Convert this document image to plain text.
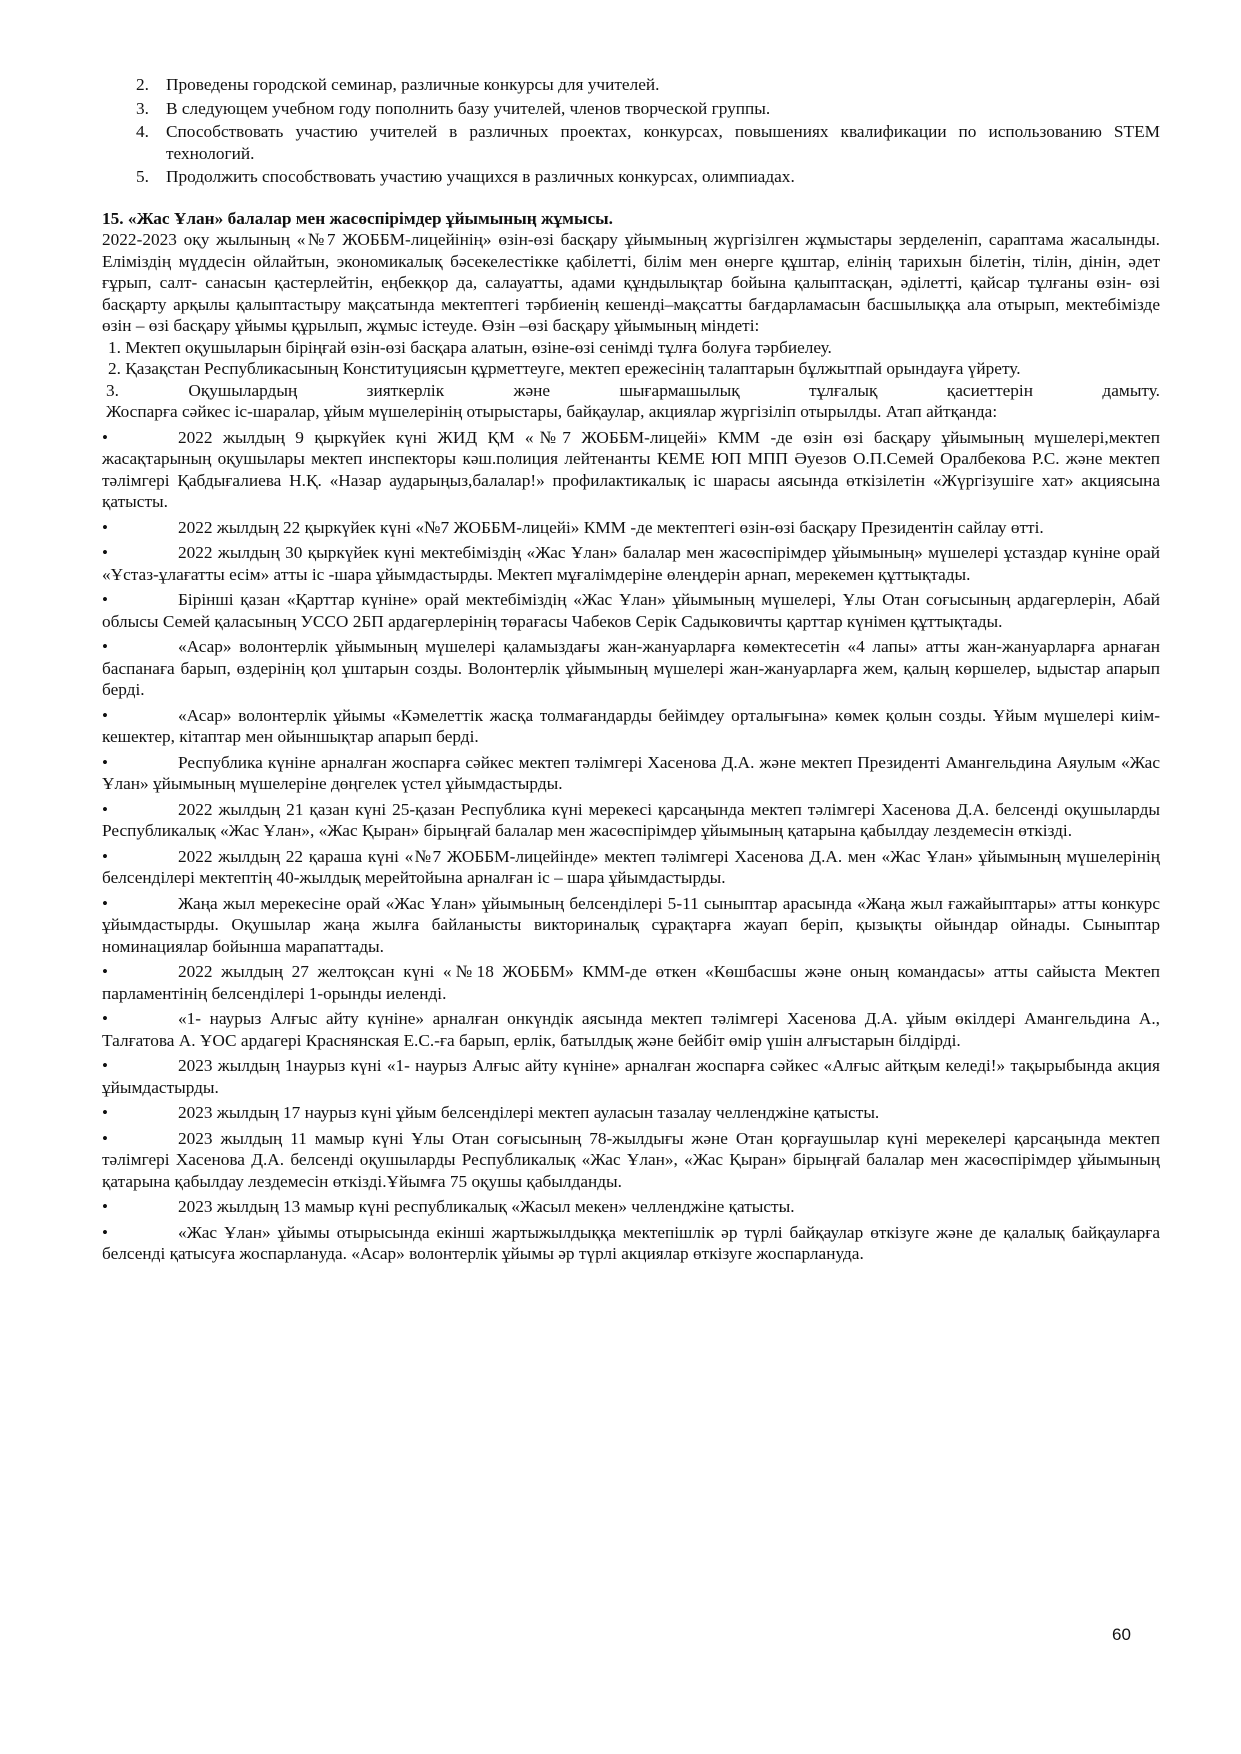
2. Проведены городской семинар, различные конкурсы для учителей.
3. В следующем учебном году пополнить базу учителей, членов творческой группы.
4. Способствовать участию учителей в различных проектах, конкурсах, повышениях квалификации по использованию STEM технологий.
5. Продолжить способствовать участию учащихся в различных конкурсах, олимпиадах.
15. «Жас Ұлан» балалар мен жасөспірімдер ұйымының жұмысы.

2022-2023 оқу жылының «№7 ЖОББМ-лицейінің» өзін-өзі басқару ұйымының жүргізілген жұмыстары зерделеніп, сараптама жасалынды. Еліміздің мүддесін ойлайтын, экономикалық бәсекелестікке қабілетті, білім мен өнерге құштар, елінің тарихын білетін, тілін, дінін, әдет ғұрып, салт- санасын қастерлейтін, еңбекқор да, салауатты, адами құндылықтар бойына қалыптасқан, әділетті, қайсар тұлғаны өзін- өзі басқарту арқылы қалыптастыру мақсатында мектептегі тәрбиенің кешенді–мақсатты бағдарламасын басшылыққа ала отырып, мектебімізде өзін – өзі басқару ұйымы құрылып, жұмыс істеуде. Өзін –өзі басқару ұйымының міндеті:

1. Мектеп оқушыларын біріңғай өзін-өзі басқара алатын, өзіне-өзі сенімді тұлға болуға тәрбиелеу.

2. Қазақстан Республикасының Конституциясын құрметтеуге, мектеп ережесінің талаптарын бұлжытпай орындауға үйрету.

3. Оқушылардың зияткерлік және шығармашылық тұлғалық қасиеттерін дамыту.

Жоспарға сәйкес іс-шаралар, ұйым мүшелерінің отырыстары, байқаулар, акциялар жүргізіліп отырылды. Атап айтқанда:

• 2022 жылдың 9 қыркүйек күні ЖИД ҚМ «№7 ЖОББМ-лицейі» КММ -де өзін өзі басқару ұйымының мүшелері,мектеп жасақтарының оқушылары мектеп инспекторы кәш.полиция лейтенанты КЕМЕ ЮП МПП Әуезов О.П.Семей Оралбекова Р.С. және мектеп тәлімгері Қабдығалиева Н.Қ. «Назар аударыңыз,балалар!» профилактикалық іс шарасы аясында өткізілетін «Жүргізушіге хат» акциясына қатысты.
• 2022 жылдың 22 қыркүйек күні «№7 ЖОББМ-лицейі» КММ -де мектептегі өзін-өзі басқару Президентін сайлау өтті.
• 2022 жылдың 30 қыркүйек күні мектебіміздің «Жас Ұлан» балалар мен жасөспірімдер ұйымының» мүшелері ұстаздар күніне орай «Ұстаз-ұлағатты есім» атты іс -шара ұйымдастырды. Мектеп мұғалімдеріне өлеңдерін арнап, мерекемен құттықтады.
• Бірінші қазан «Қарттар күніне» орай мектебіміздің «Жас Ұлан» ұйымының мүшелері, Ұлы Отан соғысының ардагерлерін, Абай облысы Семей қаласының УССО 2БП ардагерлерінің төрағасы Чабеков Серік Садыковичты қарттар күнімен құттықтады.
• «Асар» волонтерлік ұйымының мүшелері қаламыздағы жан-жануарларға көмектесетін «4 лапы» атты жан-жануарларға арнаған баспанаға барып, өздерінің қол ұштарын созды. Волонтерлік ұйымының мүшелері жан-жануарларға жем, қалың көршелер, ыдыстар апарып берді.
• «Асар» волонтерлік ұйымы «Кәмелеттік жасқа толмағандарды бейімдеу орталығына» көмек қолын созды. Ұйым мүшелері киім-кешектер, кітаптар мен ойыншықтар апарып берді.
• Республика күніне арналған жоспарға сәйкес мектеп тәлімгері Хасенова Д.А. және мектеп Президенті Амангельдина Аяулым «Жас Ұлан» ұйымының мүшелеріне дөңгелек үстел ұйымдастырды.
• 2022 жылдың 21 қазан күні 25-қазан Республика күні мерекесі қарсаңында мектеп тәлімгері Хасенова Д.А. белсенді оқушыларды Республикалық «Жас Ұлан», «Жас Қыран» бірыңғай балалар мен жасөспірімдер ұйымының қатарына қабылдау лездемесін өткізді.
• 2022 жылдың 22 қараша күні «№7 ЖОББМ-лицейінде» мектеп тәлімгері Хасенова Д.А. мен «Жас Ұлан» ұйымының мүшелерінің белсенділері мектептің 40-жылдық мерейтойына арналған іс – шара ұйымдастырды.
• Жаңа жыл мерекесіне орай «Жас Ұлан» ұйымының белсенділері 5-11 сыныптар арасында «Жаңа жыл ғажайыптары» атты конкурс ұйымдастырды. Оқушылар жаңа жылға байланысты викториналық сұрақтарға жауап беріп, қызықты ойындар ойнады. Сыныптар номинациялар бойынша марапаттады.
• 2022 жылдың 27 желтоқсан күні «№18 ЖОББМ» КММ-де өткен «Көшбасшы және оның командасы» атты сайыста Мектеп парламентінің белсенділері 1-орынды иеленді.
• «1- наурыз Алғыс айту күніне» арналған онкүндік аясында мектеп тәлімгері Хасенова Д.А. ұйым өкілдері Амангельдина А., Талғатова А. ҰОС ардагері Краснянская Е.С.-ға барып, ерлік, батылдық және бейбіт өмір үшін алғыстарын білдірді.
• 2023 жылдың 1наурыз күні «1- наурыз Алғыс айту күніне» арналған жоспарға сәйкес «Алғыс айтқым келеді!» тақырыбында акция ұйымдастырды.
• 2023 жылдың 17 наурыз күні ұйым белсенділері мектеп ауласын тазалау челленджіне қатысты.
• 2023 жылдың 11 мамыр күні Ұлы Отан соғысының 78-жылдығы және Отан қорғаушылар күні мерекелері қарсаңында мектеп тәлімгері Хасенова Д.А. белсенді оқушыларды Республикалық «Жас Ұлан», «Жас Қыран» бірыңғай балалар мен жасөспірімдер ұйымының қатарына қабылдау лездемесін өткізді.Ұйымға 75 оқушы қабылданды.
• 2023 жылдың 13 мамыр күні республикалық «Жасыл мекен» челленджіне қатысты.
• «Жас Ұлан» ұйымы отырысында екінші жартыжылдыққа мектепішлік әр түрлі байқаулар өткізуге және де қалалық байқауларға белсенді қатысуға жоспарлануда. «Асар» волонтерлік ұйымы әр түрлі акциялар өткізуге жоспарлануда.
60
